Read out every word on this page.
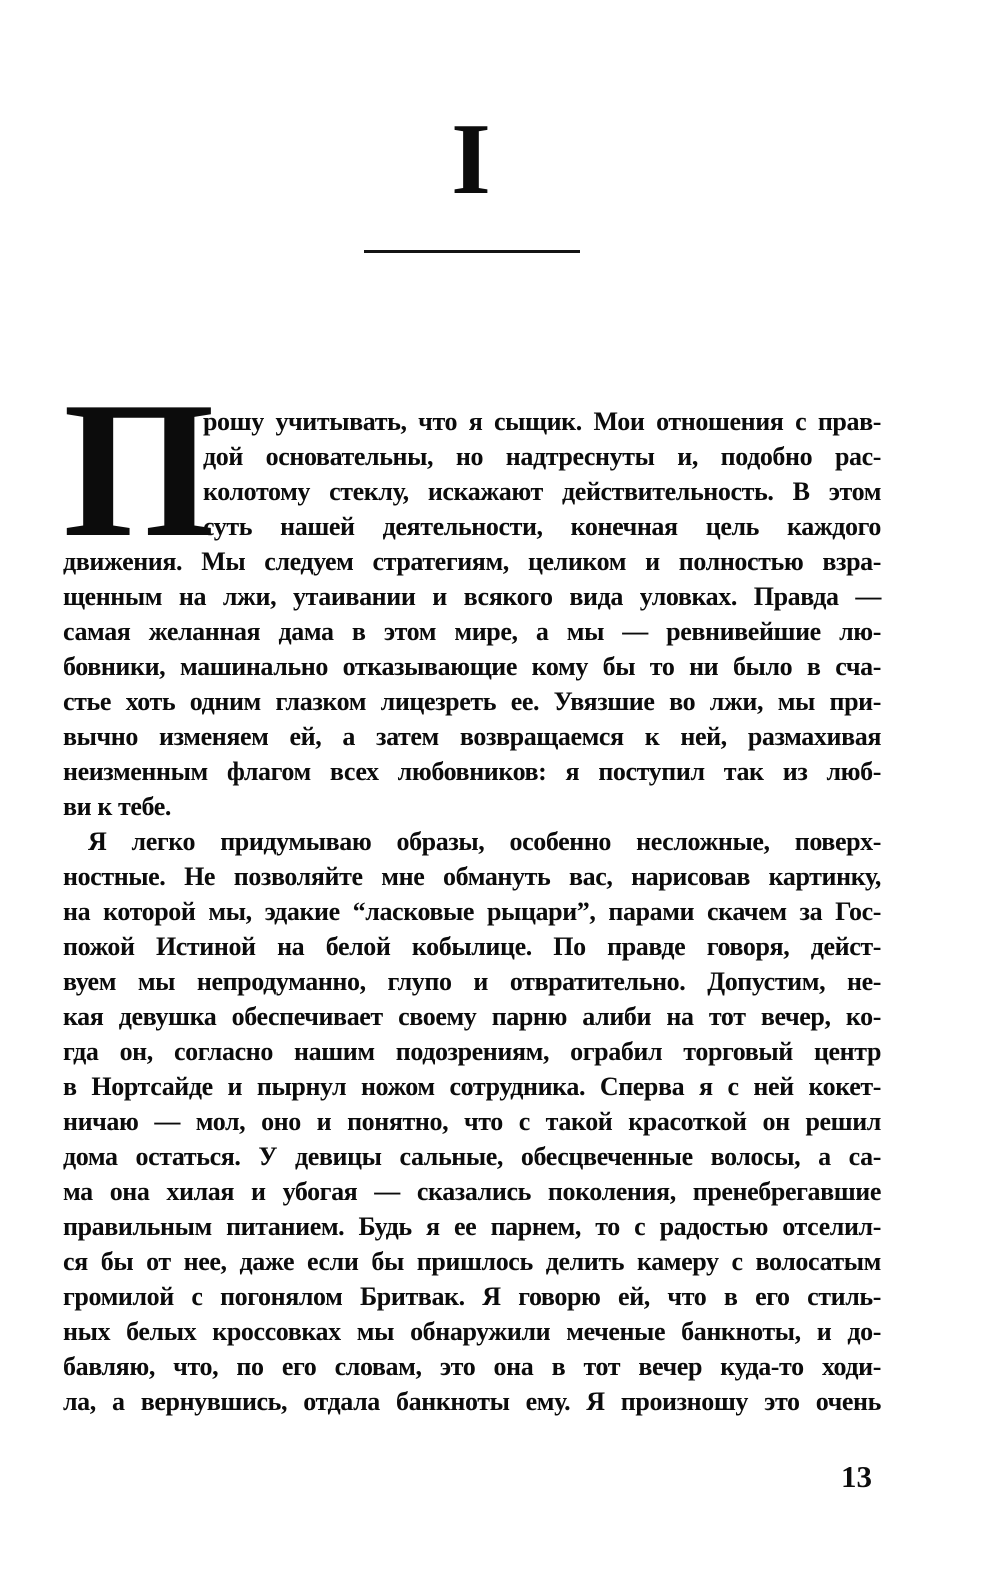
I
П
рошу учитывать, что я сыщик. Мои отношения с прав-
дой основательны, но надтреснуты и, подобно рас-
колотому стеклу, искажают действительность. В этом
суть нашей деятельности, конечная цель каждого
движения. Мы следуем стратегиям, целиком и полностью взра-
щенным на лжи, утаивании и всякого вида уловках. Правда —
самая желанная дама в этом мире, а мы — ревнивейшие лю-
бовники, машинально отказывающие кому бы то ни было в сча-
стье хоть одним глазком лицезреть ее. Увязшие во лжи, мы при-
вычно изменяем ей, а затем возвращаемся к ней, размахивая
неизменным флагом всех любовников: я поступил так из люб-
ви к тебе.
Я легко придумываю образы, особенно несложные, поверх-
ностные. Не позволяйте мне обмануть вас, нарисовав картинку,
на которой мы, эдакие “ласковые рыцари”, парами скачем за Гос-
пожой Истиной на белой кобылице. По правде говоря, дейст-
вуем мы непродуманно, глупо и отвратительно. Допустим, не-
кая девушка обеспечивает своему парню алиби на тот вечер, ко-
гда он, согласно нашим подозрениям, ограбил торговый центр
в Нортсайде и пырнул ножом сотрудника. Сперва я с ней кокет-
ничаю — мол, оно и понятно, что с такой красоткой он решил
дома остаться. У девицы сальные, обесцвеченные волосы, а са-
ма она хилая и убогая — сказались поколения, пренебрегавшие
правильным питанием. Будь я ее парнем, то с радостью отселил-
ся бы от нее, даже если бы пришлось делить камеру с волосатым
громилой с погонялом Бритвак. Я говорю ей, что в его стиль-
ных белых кроссовках мы обнаружили меченые банкноты, и до-
бавляю, что, по его словам, это она в тот вечер куда-то ходи-
ла, а вернувшись, отдала банкноты ему. Я произношу это очень
13
